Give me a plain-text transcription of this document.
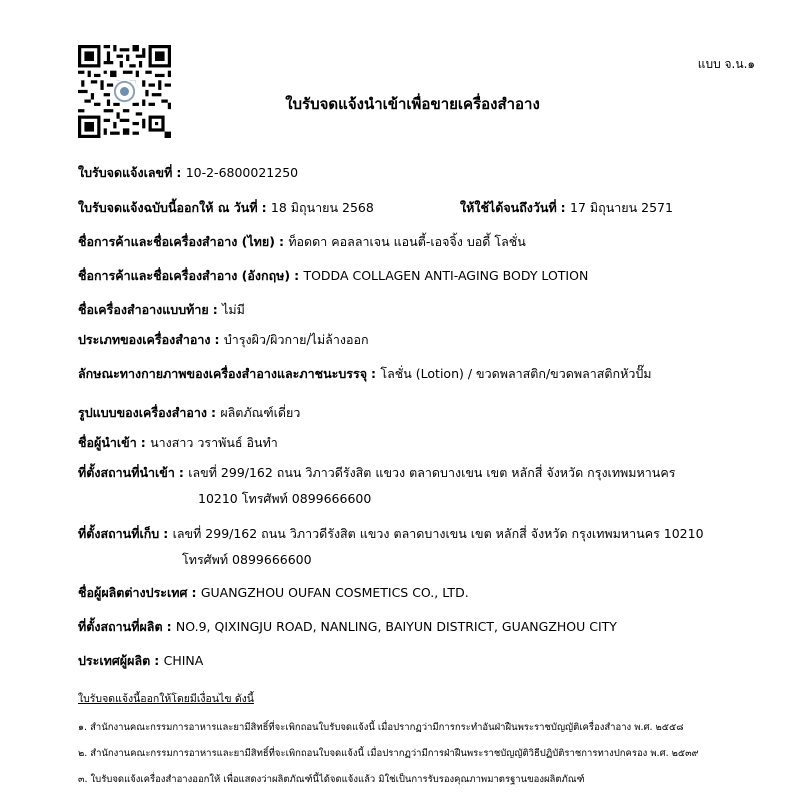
แบบ จ.น.๑
ใบรับจดแจ้งนำเข้าเพื่อขายเครื่องสำอาง
ใบรับจดแจ้งเลขที่ : 10-2-6800021250
ใบรับจดแจ้งฉบับนี้ออกให้ ณ วันที่ : 18 มิถุนายน 2568	ให้ใช้ได้จนถึงวันที่ : 17 มิถุนายน 2571
ชื่อการค้าและชื่อเครื่องสำอาง (ไทย) : ท็อดดา คอลลาเจน แอนตี้-เอจจิ้ง บอดี้ โลชั่น
ชื่อการค้าและชื่อเครื่องสำอาง (อังกฤษ) : TODDA COLLAGEN ANTI-AGING BODY LOTION
ชื่อเครื่องสำอางแบบท้าย : ไม่มี
ประเภทของเครื่องสำอาง : บำรุงผิว/ผิวกาย/ไม่ล้างออก
ลักษณะทางกายภาพของเครื่องสำอางและภาชนะบรรจุ : โลชั่น (Lotion) / ขวดพลาสติก/ขวดพลาสติกหัวปั๊ม
รูปแบบของเครื่องสำอาง : ผลิตภัณฑ์เดี่ยว
ชื่อผู้นำเข้า : นางสาว วราพันธ์ อินทำ
ที่ตั้งสถานที่นำเข้า : เลขที่ 299/162 ถนน วิภาวดีรังสิต แขวง ตลาดบางเขน เขต หลักสี่ จังหวัด กรุงเทพมหานคร
10210 โทรศัพท์ 0899666600
ที่ตั้งสถานที่เก็บ : เลขที่ 299/162 ถนน วิภาวดีรังสิต แขวง ตลาดบางเขน เขต หลักสี่ จังหวัด กรุงเทพมหานคร 10210
โทรศัพท์ 0899666600
ชื่อผู้ผลิตต่างประเทศ : GUANGZHOU OUFAN COSMETICS CO., LTD.
ที่ตั้งสถานที่ผลิต : NO.9, QIXINGJU ROAD, NANLING, BAIYUN DISTRICT, GUANGZHOU CITY
ประเทศผู้ผลิต : CHINA
ใบรับจดแจ้งนี้ออกให้โดยมีเงื่อนไข ดังนี้
๑. สำนักงานคณะกรรมการอาหารและยามีสิทธิ์ที่จะเพิกถอนใบรับจดแจ้งนี้ เมื่อปรากฏว่ามีการกระทำอันฝ่าฝืนพระราชบัญญัติเครื่องสำอาง พ.ศ. ๒๕๕๘
๒. สำนักงานคณะกรรมการอาหารและยามีสิทธิ์ที่จะเพิกถอนใบจดแจ้งนี้ เมื่อปรากฏว่ามีการฝ่าฝืนพระราชบัญญัติวิธีปฏิบัติราชการทางปกครอง พ.ศ. ๒๕๓๙
๓. ใบรับจดแจ้งเครื่องสำอางออกให้ เพื่อแสดงว่าผลิตภัณฑ์นี้ได้จดแจ้งแล้ว มิใช่เป็นการรับรองคุณภาพมาตรฐานของผลิตภัณฑ์
